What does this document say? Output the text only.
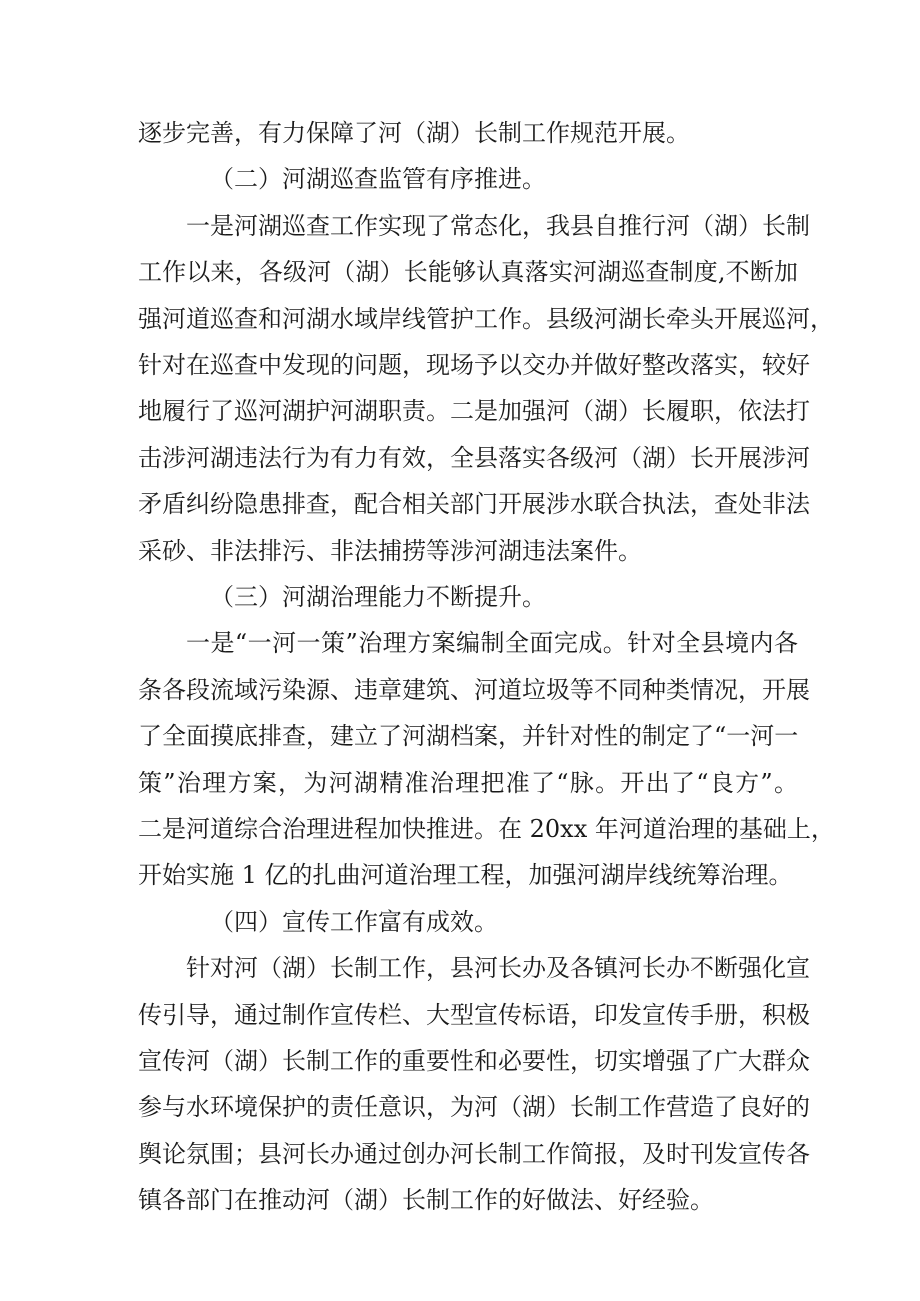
逐步完善，有力保障了河（湖）长制工作规范开展。
（二）河湖巡查监管有序推进。
一是河湖巡查工作实现了常态化，我县自推行河（湖）长制
工作以来，各级河（湖）长能够认真落实河湖巡查制度,不断加
强河道巡查和河湖水域岸线管护工作。县级河湖长牵头开展巡河，
针对在巡查中发现的问题，现场予以交办并做好整改落实，较好
地履行了巡河湖护河湖职责。二是加强河（湖）长履职，依法打
击涉河湖违法行为有力有效，全县落实各级河（湖）长开展涉河
矛盾纠纷隐患排查，配合相关部门开展涉水联合执法，查处非法
采砂、非法排污、非法捕捞等涉河湖违法案件。
（三）河湖治理能力不断提升。
一是“一河一策”治理方案编制全面完成。针对全县境内各
条各段流域污染源、违章建筑、河道垃圾等不同种类情况，开展
了全面摸底排查，建立了河湖档案，并针对性的制定了“一河一
策”治理方案，为河湖精准治理把准了“脉。开出了“良方”。
二是河道综合治理进程加快推进。在 20xx 年河道治理的基础上，
开始实施 1 亿的扎曲河道治理工程，加强河湖岸线统筹治理。
（四）宣传工作富有成效。
针对河（湖）长制工作，县河长办及各镇河长办不断强化宣
传引导，通过制作宣传栏、大型宣传标语，印发宣传手册，积极
宣传河（湖）长制工作的重要性和必要性，切实增强了广大群众
参与水环境保护的责任意识，为河（湖）长制工作营造了良好的
舆论氛围；县河长办通过创办河长制工作简报，及时刊发宣传各
镇各部门在推动河（湖）长制工作的好做法、好经验。
